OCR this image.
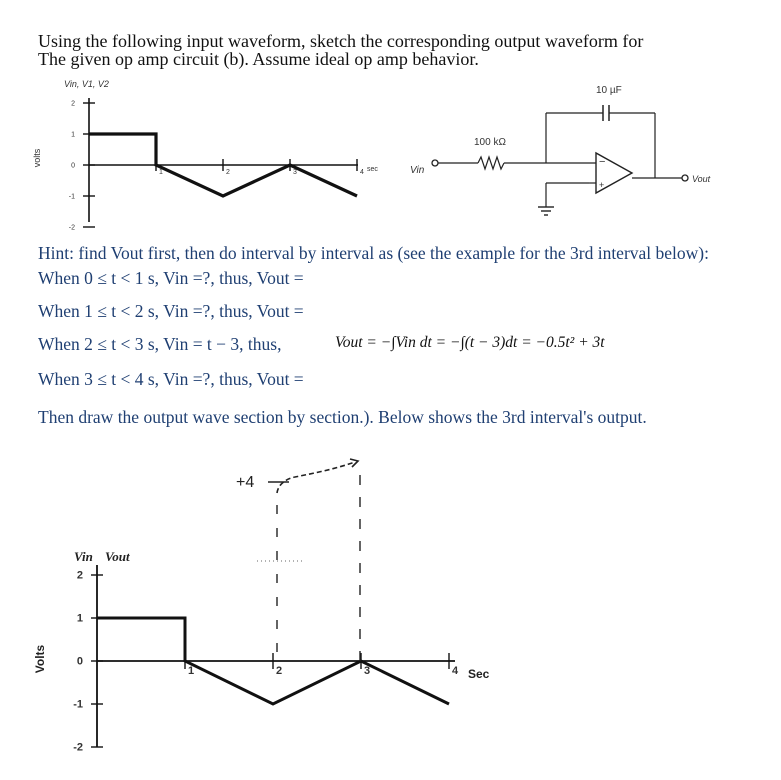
Using the following input waveform, sketch the corresponding output waveform for
The given op amp circuit (b). Assume ideal op amp behavior.
Vin, V1, V2
volts
2
1
0
-1
-2
1	2	3	4 sec
10 µF
100 kΩ
Vin
−
+
Vout
Hint: find Vout first, then do interval by interval as (see the example for the 3rd interval below):
When 0 ≤ t < 1 s, Vin =?, thus, Vout =
When 1 ≤ t < 2 s, Vin =?, thus, Vout =
When 2 ≤ t < 3 s, Vin = t − 3, thus,	Vout = −∫Vin dt = −∫(t − 3)dt = −0.5t² + 3t
When 3 ≤ t < 4 s, Vin =?, thus, Vout =
Then draw the output wave section by section.). Below shows the 3rd interval's output.
Vin Vout
Volts
2
1
0
-1
-2
1	2	3	4 Sec
+4
